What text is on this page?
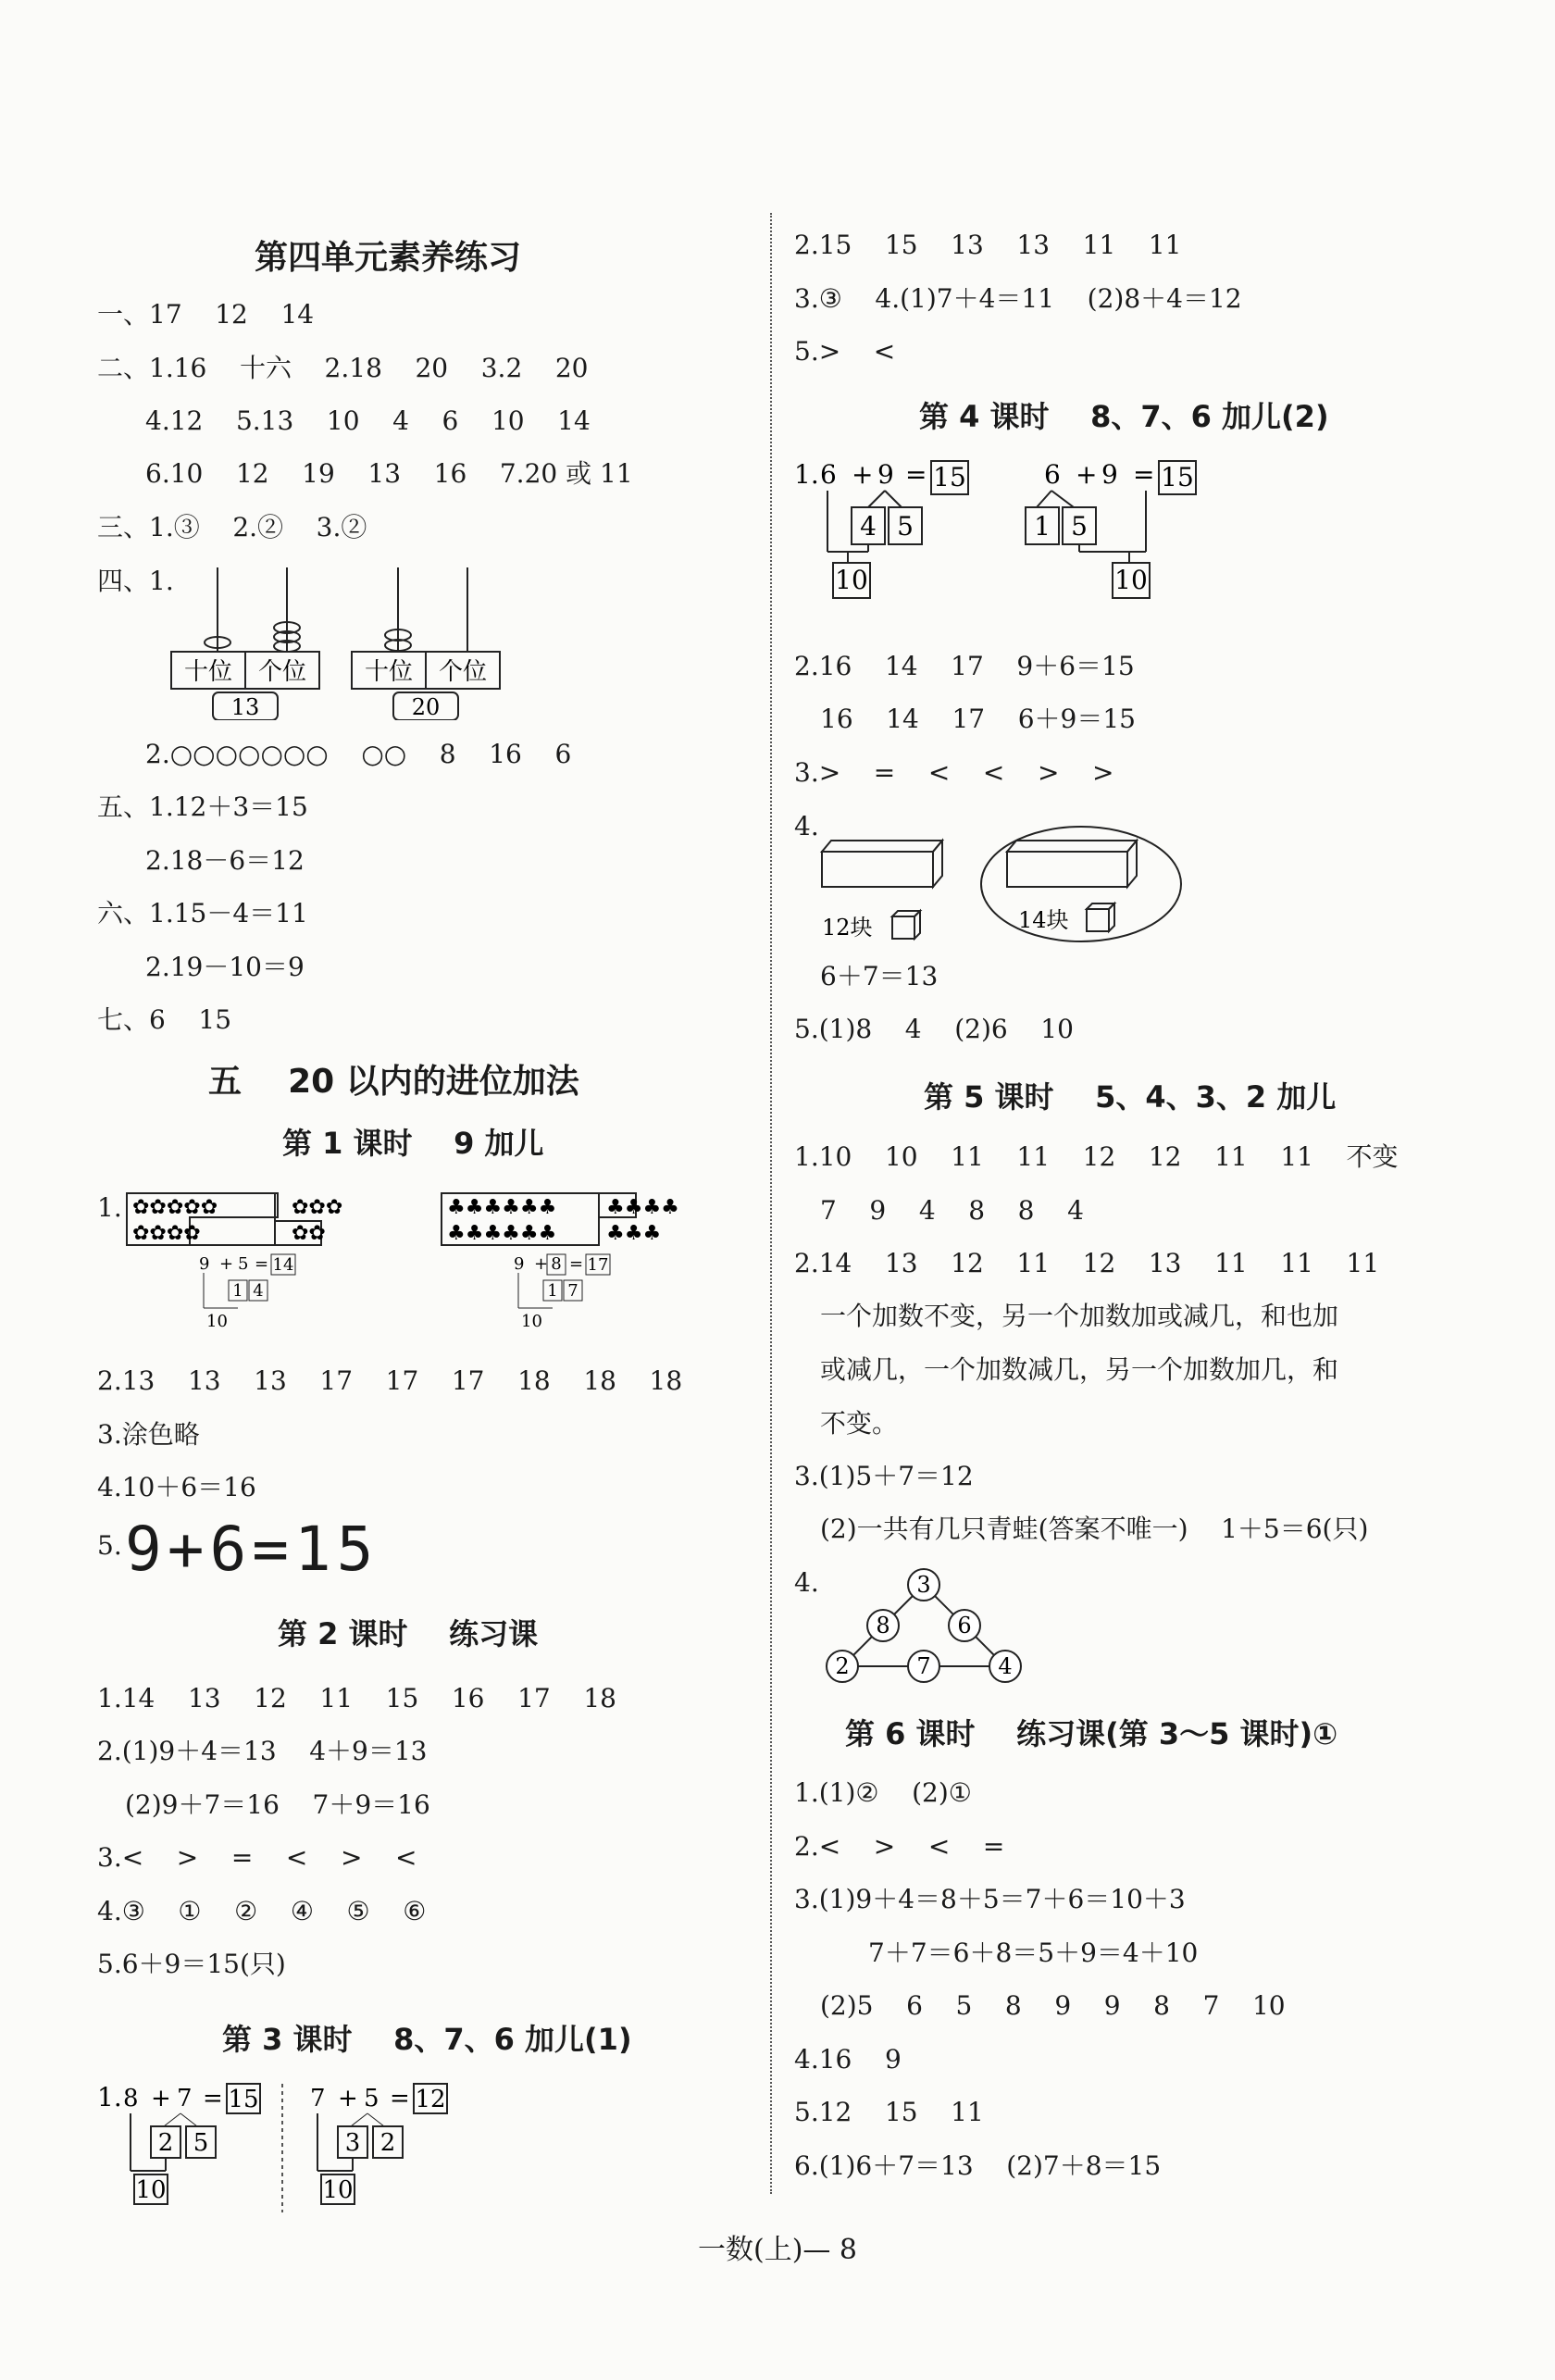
第四单元素养练习
一、17    12    14
二、1.16    十六    2.18    20    3.2    20
4.12    5.13    10    4    6    10    14
6.10    12    19    13    16    7.20 或 11
三、1.③    2.②    3.②
四、1.
十位 个位
13
十位 个位
20
2.○○○○○○○    ○○    8    16    6
五、1.12＋3＝15
2.18－6＝12
六、1.15－4＝11
2.19－10＝9
七、6    15
五    20 以内的进位加法
第 1 课时    9 加儿
1. ✿✿✿✿✿
✿✿✿✿
✿✿✿
✿✿
♣♣♣♣♣♣
♣♣♣♣♣♣
♣♣♣♣
♣♣♣
9 + 5 = 14
1 4
10
9 + 8 = 17
1 7
10
2.13    13    13    17    17    17    18    18    18
3.涂色略
4.10＋6＝16
5. 9+6=15
第 2 课时    练习课
1.14    13    12    11    15    16    17    18
2.(1)9＋4＝13    4＋9＝13
(2)9＋7＝16    7＋9＝16
3.<    >    =    <    >    <
4.③    ①    ②    ④    ⑤    ⑥
5.6＋9＝15(只)
第 3 课时    8、7、6 加儿(1)
1. 8 + 7 = 15
2 5
10
7 + 5 = 12
3 2
10
2.15    15    13    13    11    11
3.③    4.(1)7＋4＝11    (2)8＋4＝12
5.>    <
第 4 课时    8、7、6 加儿(2)
1. 6 + 9 = 15
4 5
10
6 + 9 = 15
1 5
10
2.16    14    17    9＋6＝15
16    14    17    6＋9＝15
3.>    =    <    <    >    >
4.
12块	14块
6＋7＝13
5.(1)8    4    (2)6    10
第 5 课时    5、4、3、2 加儿
1.10    10    11    11    12    12    11    11    不变
7    9    4    8    8    4
2.14    13    12    11    12    13    11    11    11
一个加数不变，另一个加数加或减几，和也加
或减几，一个加数减几，另一个加数加几，和
不变。
3.(1)5＋7＝12
(2)一共有几只青蛙(答案不唯一)    1＋5＝6(只)
4.	3
8	6
2	7	4
第 6 课时    练习课(第 3～5 课时)①
1.(1)②    (2)①
2.<    >    <    =
3.(1)9＋4＝8＋5＝7＋6＝10＋3
7＋7＝6＋8＝5＋9＝4＋10
(2)5    6    5    8    9    9    8    7    10
4.16    9
5.12    15    11
6.(1)6＋7＝13    (2)7＋8＝15
一数(上)— 8
